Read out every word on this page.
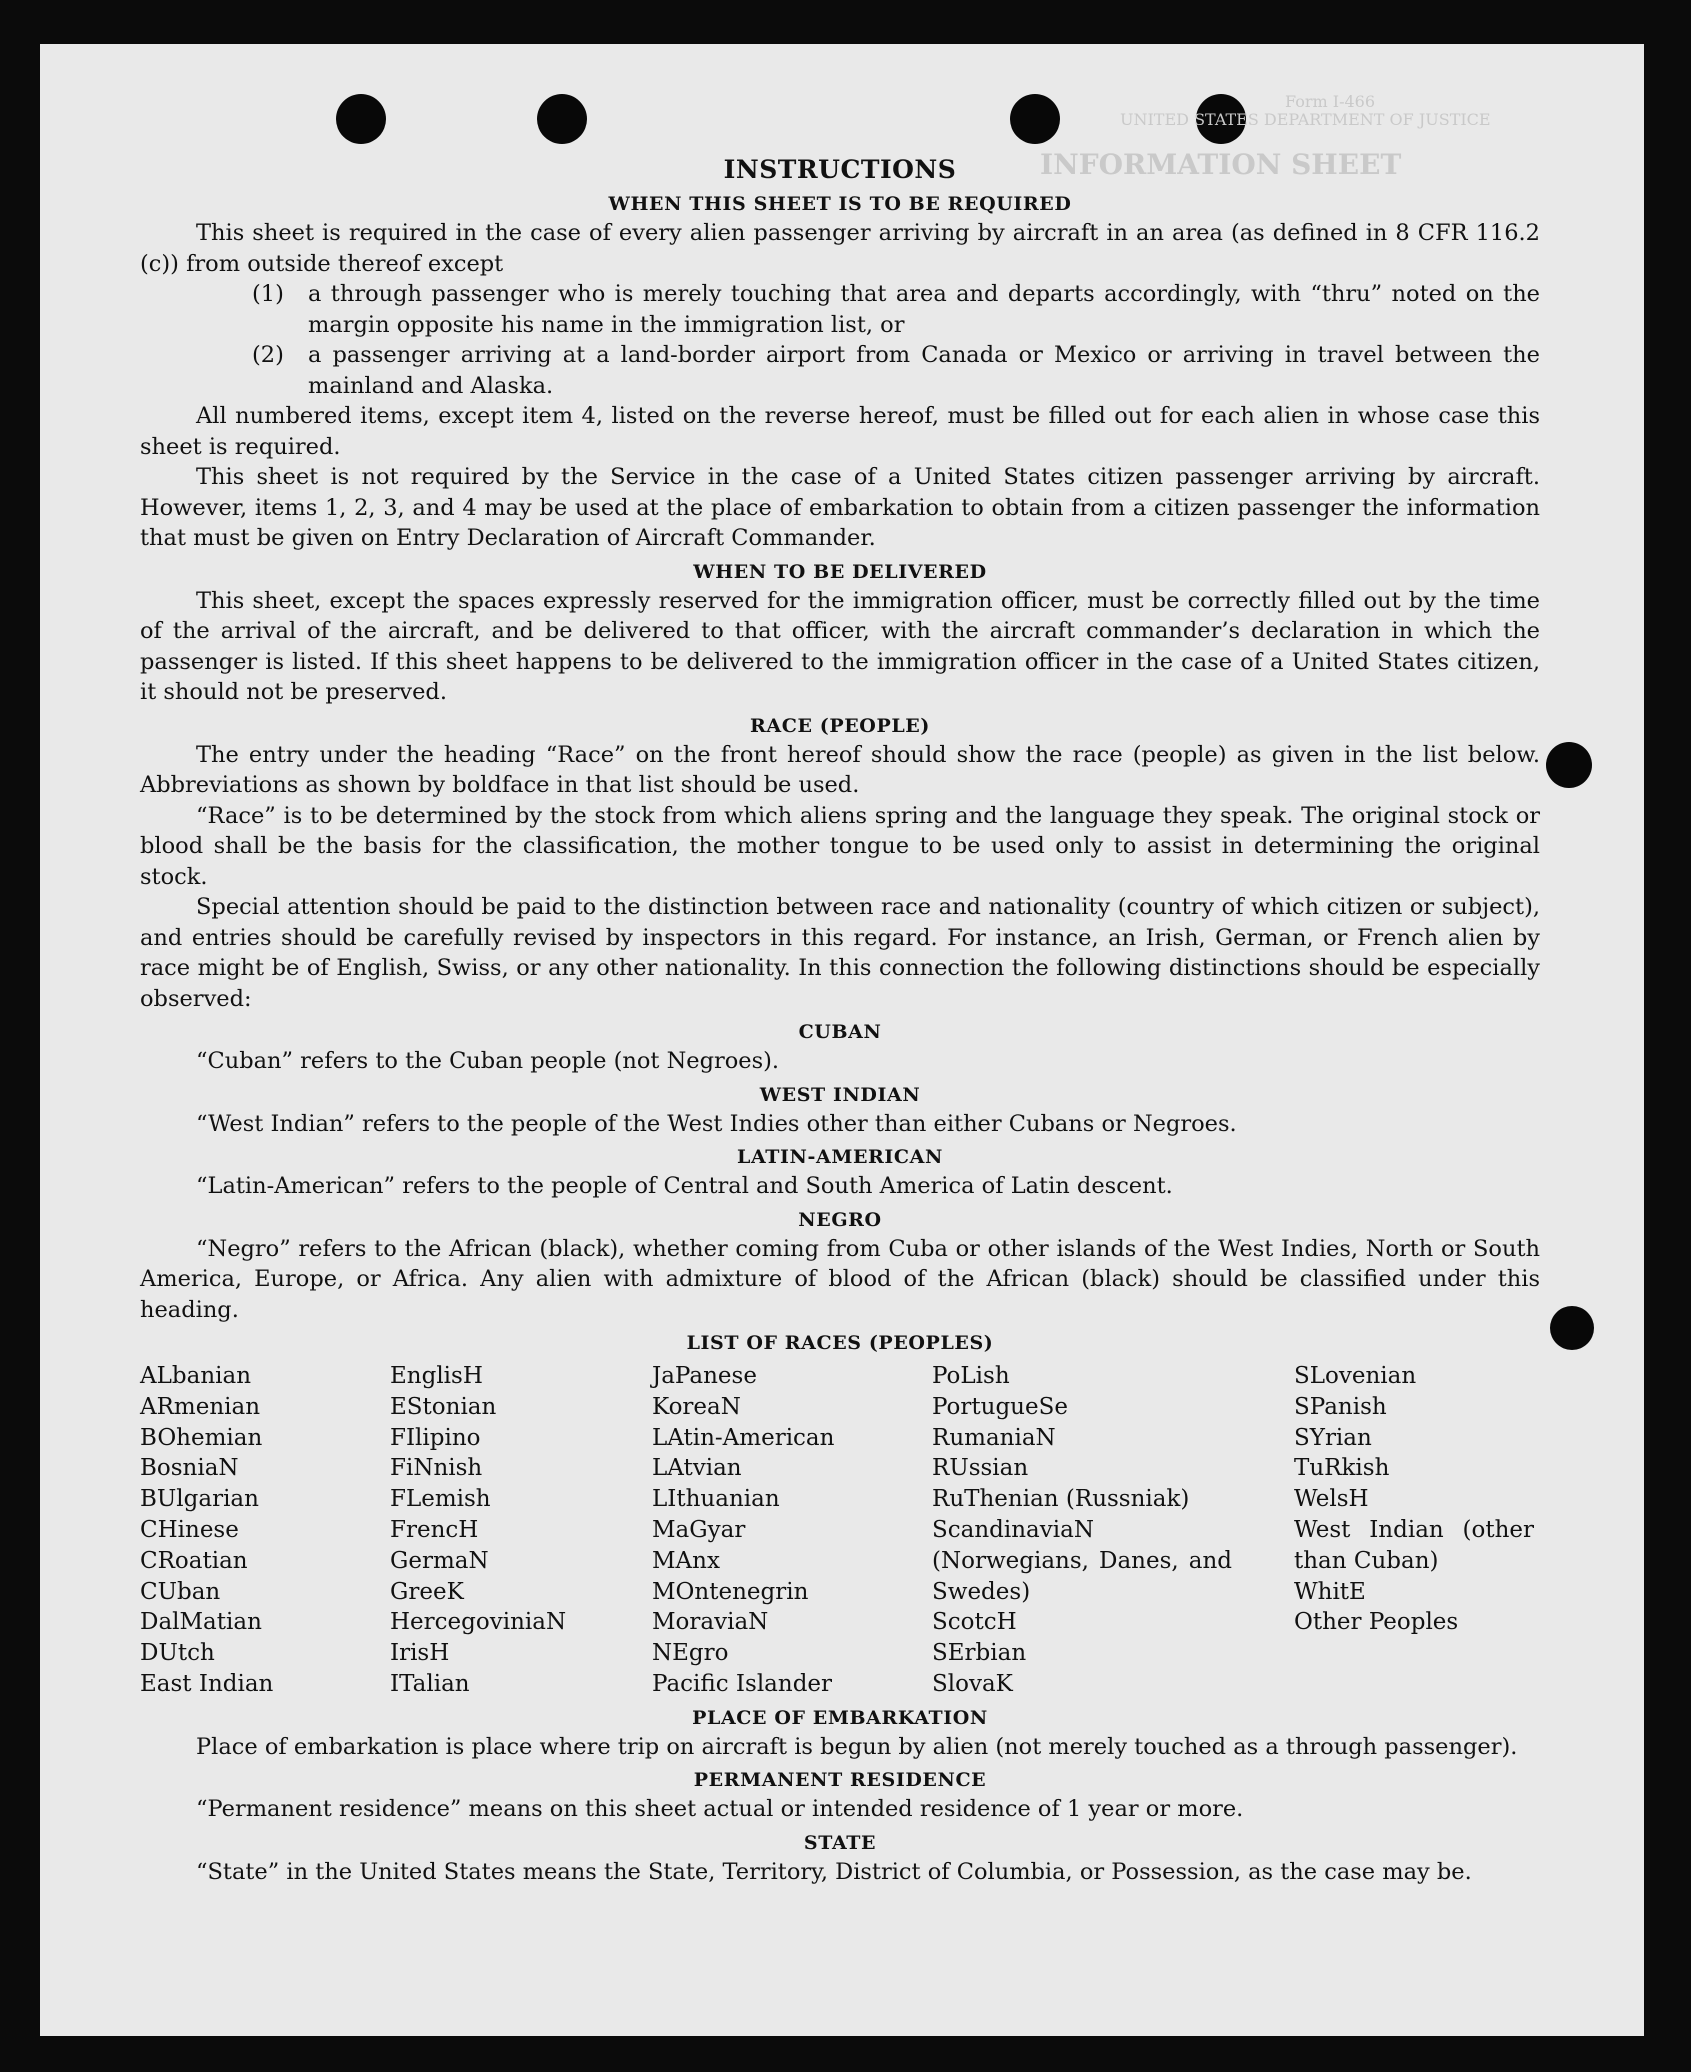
Form I-466
UNITED STATES DEPARTMENT OF JUSTICE
INFORMATION SHEET
INSTRUCTIONS
WHEN THIS SHEET IS TO BE REQUIRED

This sheet is required in the case of every alien passenger arriving by aircraft in an area (as defined in 8 CFR 116.2 (c)) from outside thereof except

(1)	a through passenger who is merely touching that area and departs accordingly, with “thru” noted on the margin opposite his name in the immigration list, or
(2)	a passenger arriving at a land-border airport from Canada or Mexico or arriving in travel between the mainland and Alaska.

All numbered items, except item 4, listed on the reverse hereof, must be filled out for each alien in whose case this sheet is required.

This sheet is not required by the Service in the case of a United States citizen passenger arriving by aircraft. However, items 1, 2, 3, and 4 may be used at the place of embarkation to obtain from a citizen passenger the information that must be given on Entry Declaration of Aircraft Commander.

WHEN TO BE DELIVERED

This sheet, except the spaces expressly reserved for the immigration officer, must be correctly filled out by the time of the arrival of the aircraft, and be delivered to that officer, with the aircraft commander’s declaration in which the passenger is listed. If this sheet happens to be delivered to the immigration officer in the case of a United States citizen, it should not be preserved.

RACE (PEOPLE)

The entry under the heading “Race” on the front hereof should show the race (people) as given in the list below. Abbreviations as shown by boldface in that list should be used.

“Race” is to be determined by the stock from which aliens spring and the language they speak. The original stock or blood shall be the basis for the classification, the mother tongue to be used only to assist in determining the original stock.

Special attention should be paid to the distinction between race and nationality (country of which citizen or subject), and entries should be carefully revised by inspectors in this regard. For instance, an Irish, German, or French alien by race might be of English, Swiss, or any other nationality. In this connection the following distinctions should be especially observed:

CUBAN

“Cuban” refers to the Cuban people (not Negroes).

WEST INDIAN

“West Indian” refers to the people of the West Indies other than either Cubans or Negroes.

LATIN-AMERICAN

“Latin-American” refers to the people of Central and South America of Latin descent.

NEGRO

“Negro” refers to the African (black), whether coming from Cuba or other islands of the West Indies, North or South America, Europe, or Africa. Any alien with admixture of blood of the African (black) should be classified under this heading.

LIST OF RACES (PEOPLES)
ALbanian
ARmenian
BOhemian
BosniaN
BUlgarian
CHinese
CRoatian
CUban
DalMatian
DUtch
East Indian
EnglisH
EStonian
FIlipino
FiNnish
FLemish
FrencH
GermaN
GreeK
HercegoviniaN
IrisH
ITalian
JaPanese
KoreaN
LAtin-American
LAtvian
LIthuanian
MaGyar
MAnx
MOntenegrin
MoraviaN
NEgro
Pacific Islander
PoLish
PortugueSe
RumaniaN
RUssian
RuThenian (Russniak)
ScandinaviaN (Norwegians, Danes, and Swedes)
ScotcH
SErbian
SlovaK
SLovenian
SPanish
SYrian
TuRkish
WelsH
West Indian (other than Cuban)
WhitE
Other Peoples
PLACE OF EMBARKATION

Place of embarkation is place where trip on aircraft is begun by alien (not merely touched as a through passenger).

PERMANENT RESIDENCE

“Permanent residence” means on this sheet actual or intended residence of 1 year or more.

STATE

“State” in the United States means the State, Territory, District of Columbia, or Possession, as the case may be.
